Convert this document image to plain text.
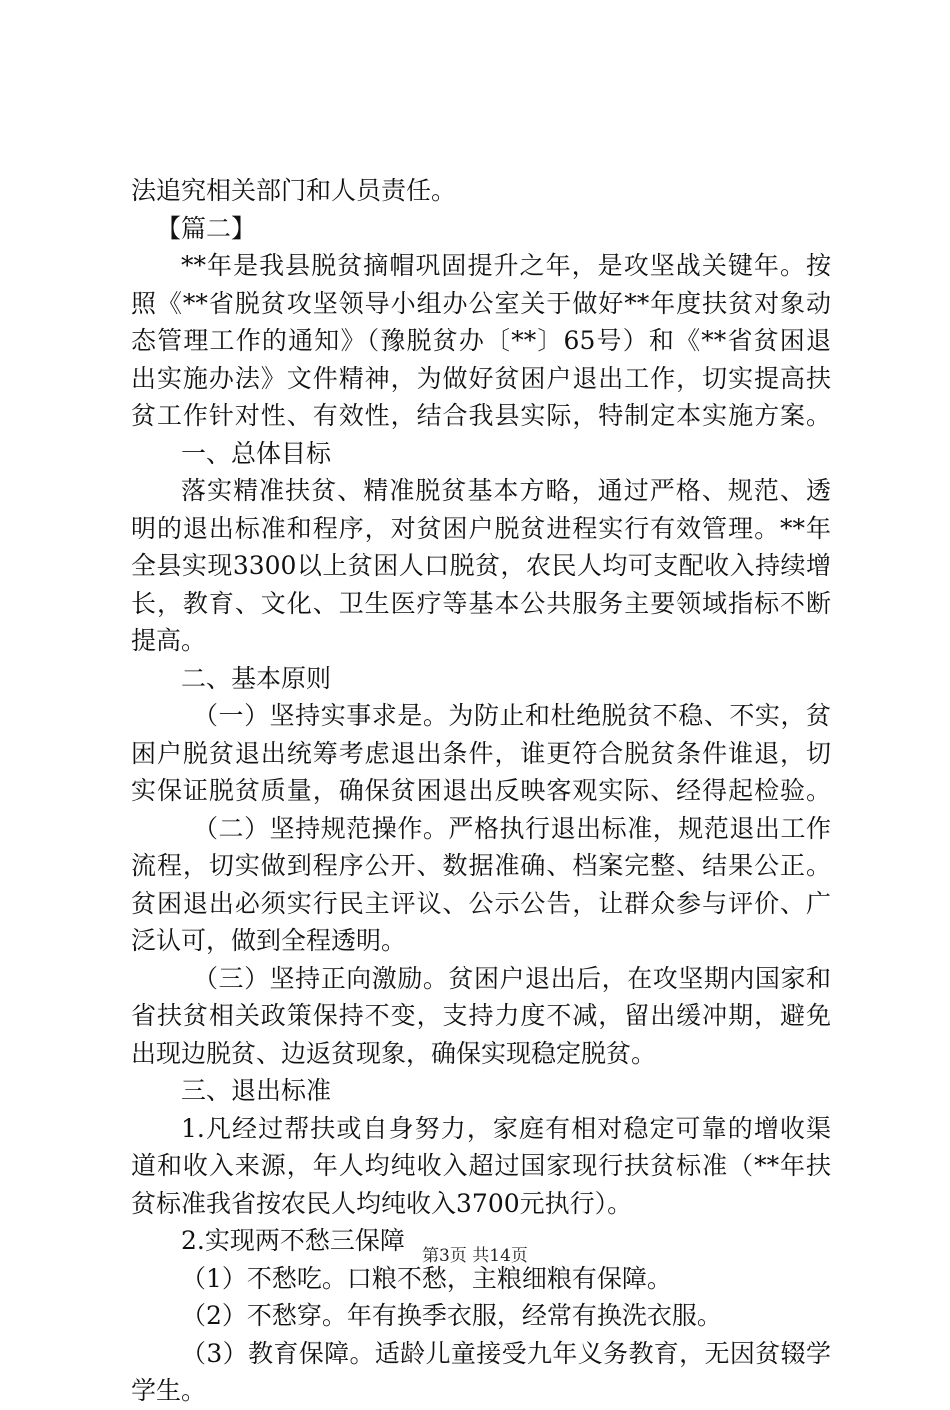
法追究相关部门和人员责任。
【篇二】
**年是我县脱贫摘帽巩固提升之年，是攻坚战关键年。按
照《**省脱贫攻坚领导小组办公室关于做好**年度扶贫对象动
态管理工作的通知》（豫脱贫办〔**〕65号）和《**省贫困退
出实施办法》文件精神，为做好贫困户退出工作，切实提高扶
贫工作针对性、有效性，结合我县实际，特制定本实施方案。
一、总体目标
落实精准扶贫、精准脱贫基本方略，通过严格、规范、透
明的退出标准和程序，对贫困户脱贫进程实行有效管理。**年
全县实现3300以上贫困人口脱贫，农民人均可支配收入持续增
长，教育、文化、卫生医疗等基本公共服务主要领域指标不断
提高。
二、基本原则
（一）坚持实事求是。为防止和杜绝脱贫不稳、不实，贫
困户脱贫退出统筹考虑退出条件，谁更符合脱贫条件谁退，切
实保证脱贫质量，确保贫困退出反映客观实际、经得起检验。
（二）坚持规范操作。严格执行退出标准，规范退出工作
流程，切实做到程序公开、数据准确、档案完整、结果公正。
贫困退出必须实行民主评议、公示公告，让群众参与评价、广
泛认可，做到全程透明。
（三）坚持正向激励。贫困户退出后，在攻坚期内国家和
省扶贫相关政策保持不变，支持力度不减，留出缓冲期，避免
出现边脱贫、边返贫现象，确保实现稳定脱贫。
三、退出标准
1.凡经过帮扶或自身努力，家庭有相对稳定可靠的增收渠
道和收入来源，年人均纯收入超过国家现行扶贫标准（**年扶
贫标准我省按农民人均纯收入3700元执行）。
2.实现两不愁三保障
（1）不愁吃。口粮不愁，主粮细粮有保障。
（2）不愁穿。年有换季衣服，经常有换洗衣服。
（3）教育保障。适龄儿童接受九年义务教育，无因贫辍学
学生。
第3页 共14页
